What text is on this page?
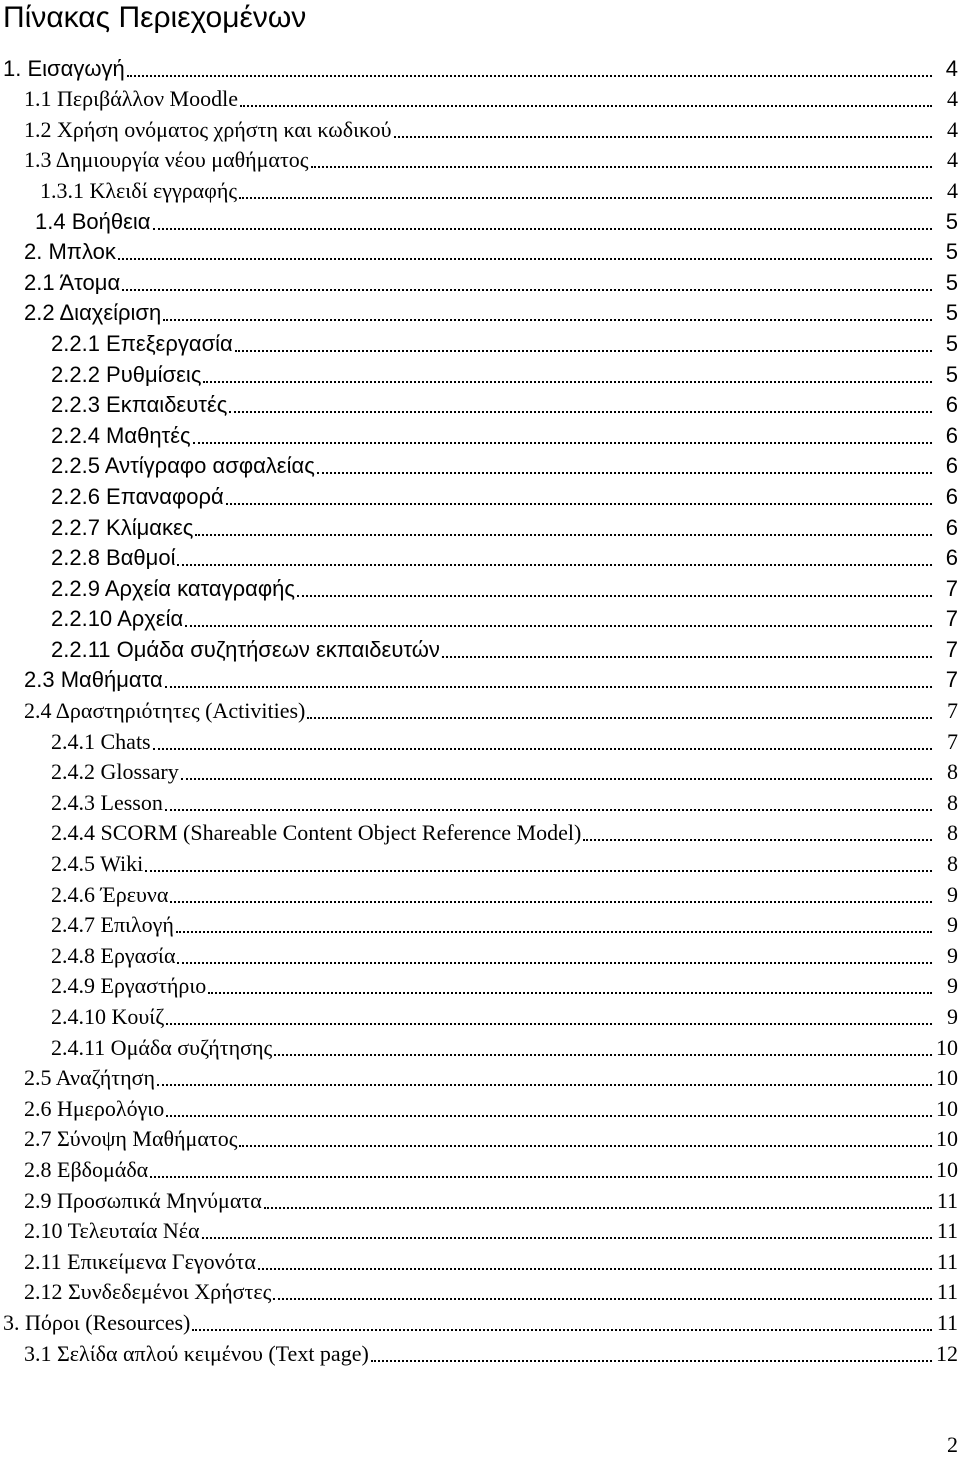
Πίνακας Περιεχομένων
1. Εισαγωγή	4
1.1 Περιβάλλον Moodle	4
1.2 Χρήση ονόματος χρήστη και κωδικού	4
1.3 Δημιουργία νέου μαθήματος	4
1.3.1 Κλειδί εγγραφής	4
1.4 Βοήθεια	5
2. Μπλοκ	5
2.1 Άτομα	5
2.2 Διαχείριση	5
2.2.1 Επεξεργασία	5
2.2.2 Ρυθμίσεις	5
2.2.3 Εκπαιδευτές	6
2.2.4 Μαθητές	6
2.2.5 Αντίγραφο ασφαλείας	6
2.2.6 Επαναφορά	6
2.2.7 Κλίμακες	6
2.2.8 Βαθμοί	6
2.2.9 Αρχεία καταγραφής	7
2.2.10 Αρχεία	7
2.2.11 Ομάδα συζητήσεων εκπαιδευτών	7
2.3 Μαθήματα	7
2.4 Δραστηριότητες (Activities)	7
2.4.1 Chats	7
2.4.2 Glossary	8
2.4.3 Lesson	8
2.4.4 SCORM (Shareable Content Object Reference Model)	8
2.4.5 Wiki	8
2.4.6 Έρευνα	9
2.4.7 Επιλογή	9
2.4.8 Εργασία	9
2.4.9 Εργαστήριο	9
2.4.10 Κουίζ	9
2.4.11 Ομάδα συζήτησης	10
2.5 Αναζήτηση	10
2.6 Ημερολόγιο	10
2.7 Σύνοψη Μαθήματος	10
2.8 Εβδομάδα	10
2.9 Προσωπικά Μηνύματα	11
2.10 Τελευταία Νέα	11
2.11 Επικείμενα Γεγονότα	11
2.12 Συνδεδεμένοι Χρήστες	11
3. Πόροι (Resources)	11
3.1 Σελίδα απλού κειμένου (Text page)	12
2
